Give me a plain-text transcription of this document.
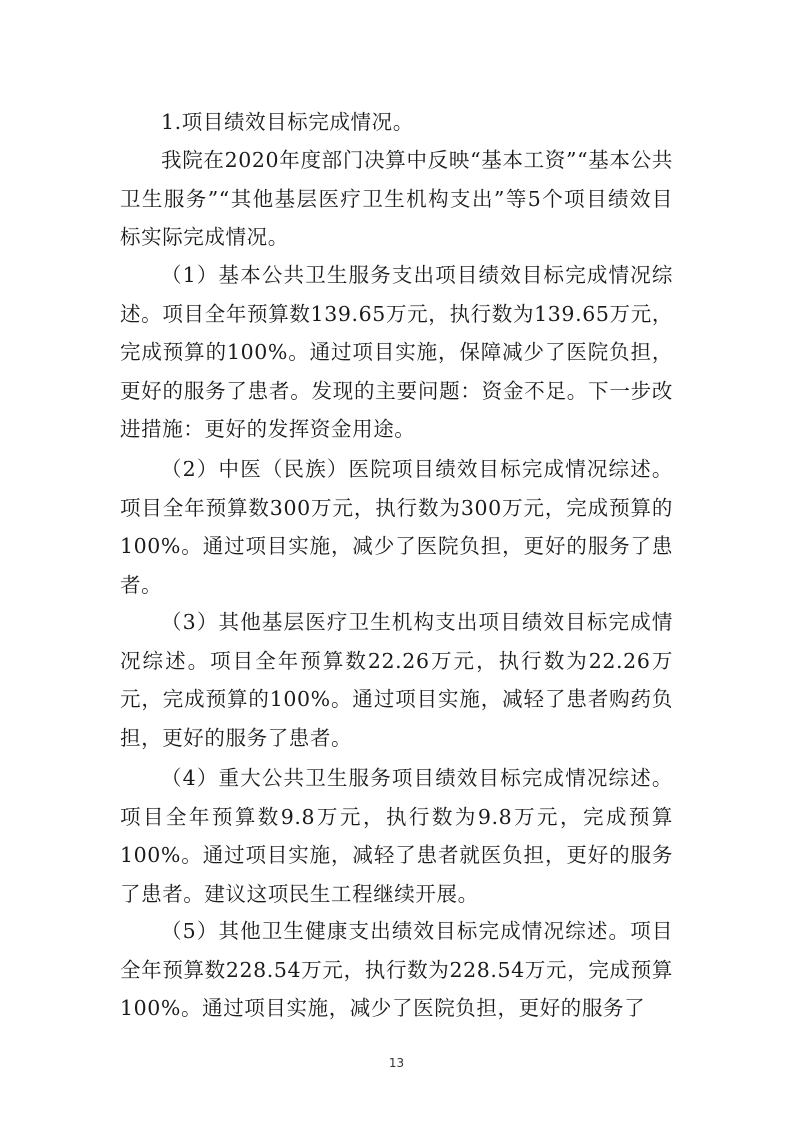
1.项目绩效目标完成情况。

我院在2020年度部门决算中反映“基本工资”“基本公共卫生服务”“其他基层医疗卫生机构支出”等5个项目绩效目标实际完成情况。

（1）基本公共卫生服务支出项目绩效目标完成情况综述。项目全年预算数139.65万元，执行数为139.65万元，完成预算的100%。通过项目实施，保障减少了医院负担，更好的服务了患者。发现的主要问题：资金不足。下一步改进措施：更好的发挥资金用途。

（2）中医（民族）医院项目绩效目标完成情况综述。项目全年预算数300万元，执行数为300万元，完成预算的100%。通过项目实施，减少了医院负担，更好的服务了患者。

（3）其他基层医疗卫生机构支出项目绩效目标完成情况综述。项目全年预算数22.26万元，执行数为22.26万元，完成预算的100%。通过项目实施，减轻了患者购药负担，更好的服务了患者。

（4）重大公共卫生服务项目绩效目标完成情况综述。项目全年预算数9.8万元，执行数为9.8万元，完成预算100%。通过项目实施，减轻了患者就医负担，更好的服务了患者。建议这项民生工程继续开展。

（5）其他卫生健康支出绩效目标完成情况综述。项目全年预算数228.54万元，执行数为228.54万元，完成预算100%。通过项目实施，减少了医院负担，更好的服务了

13
